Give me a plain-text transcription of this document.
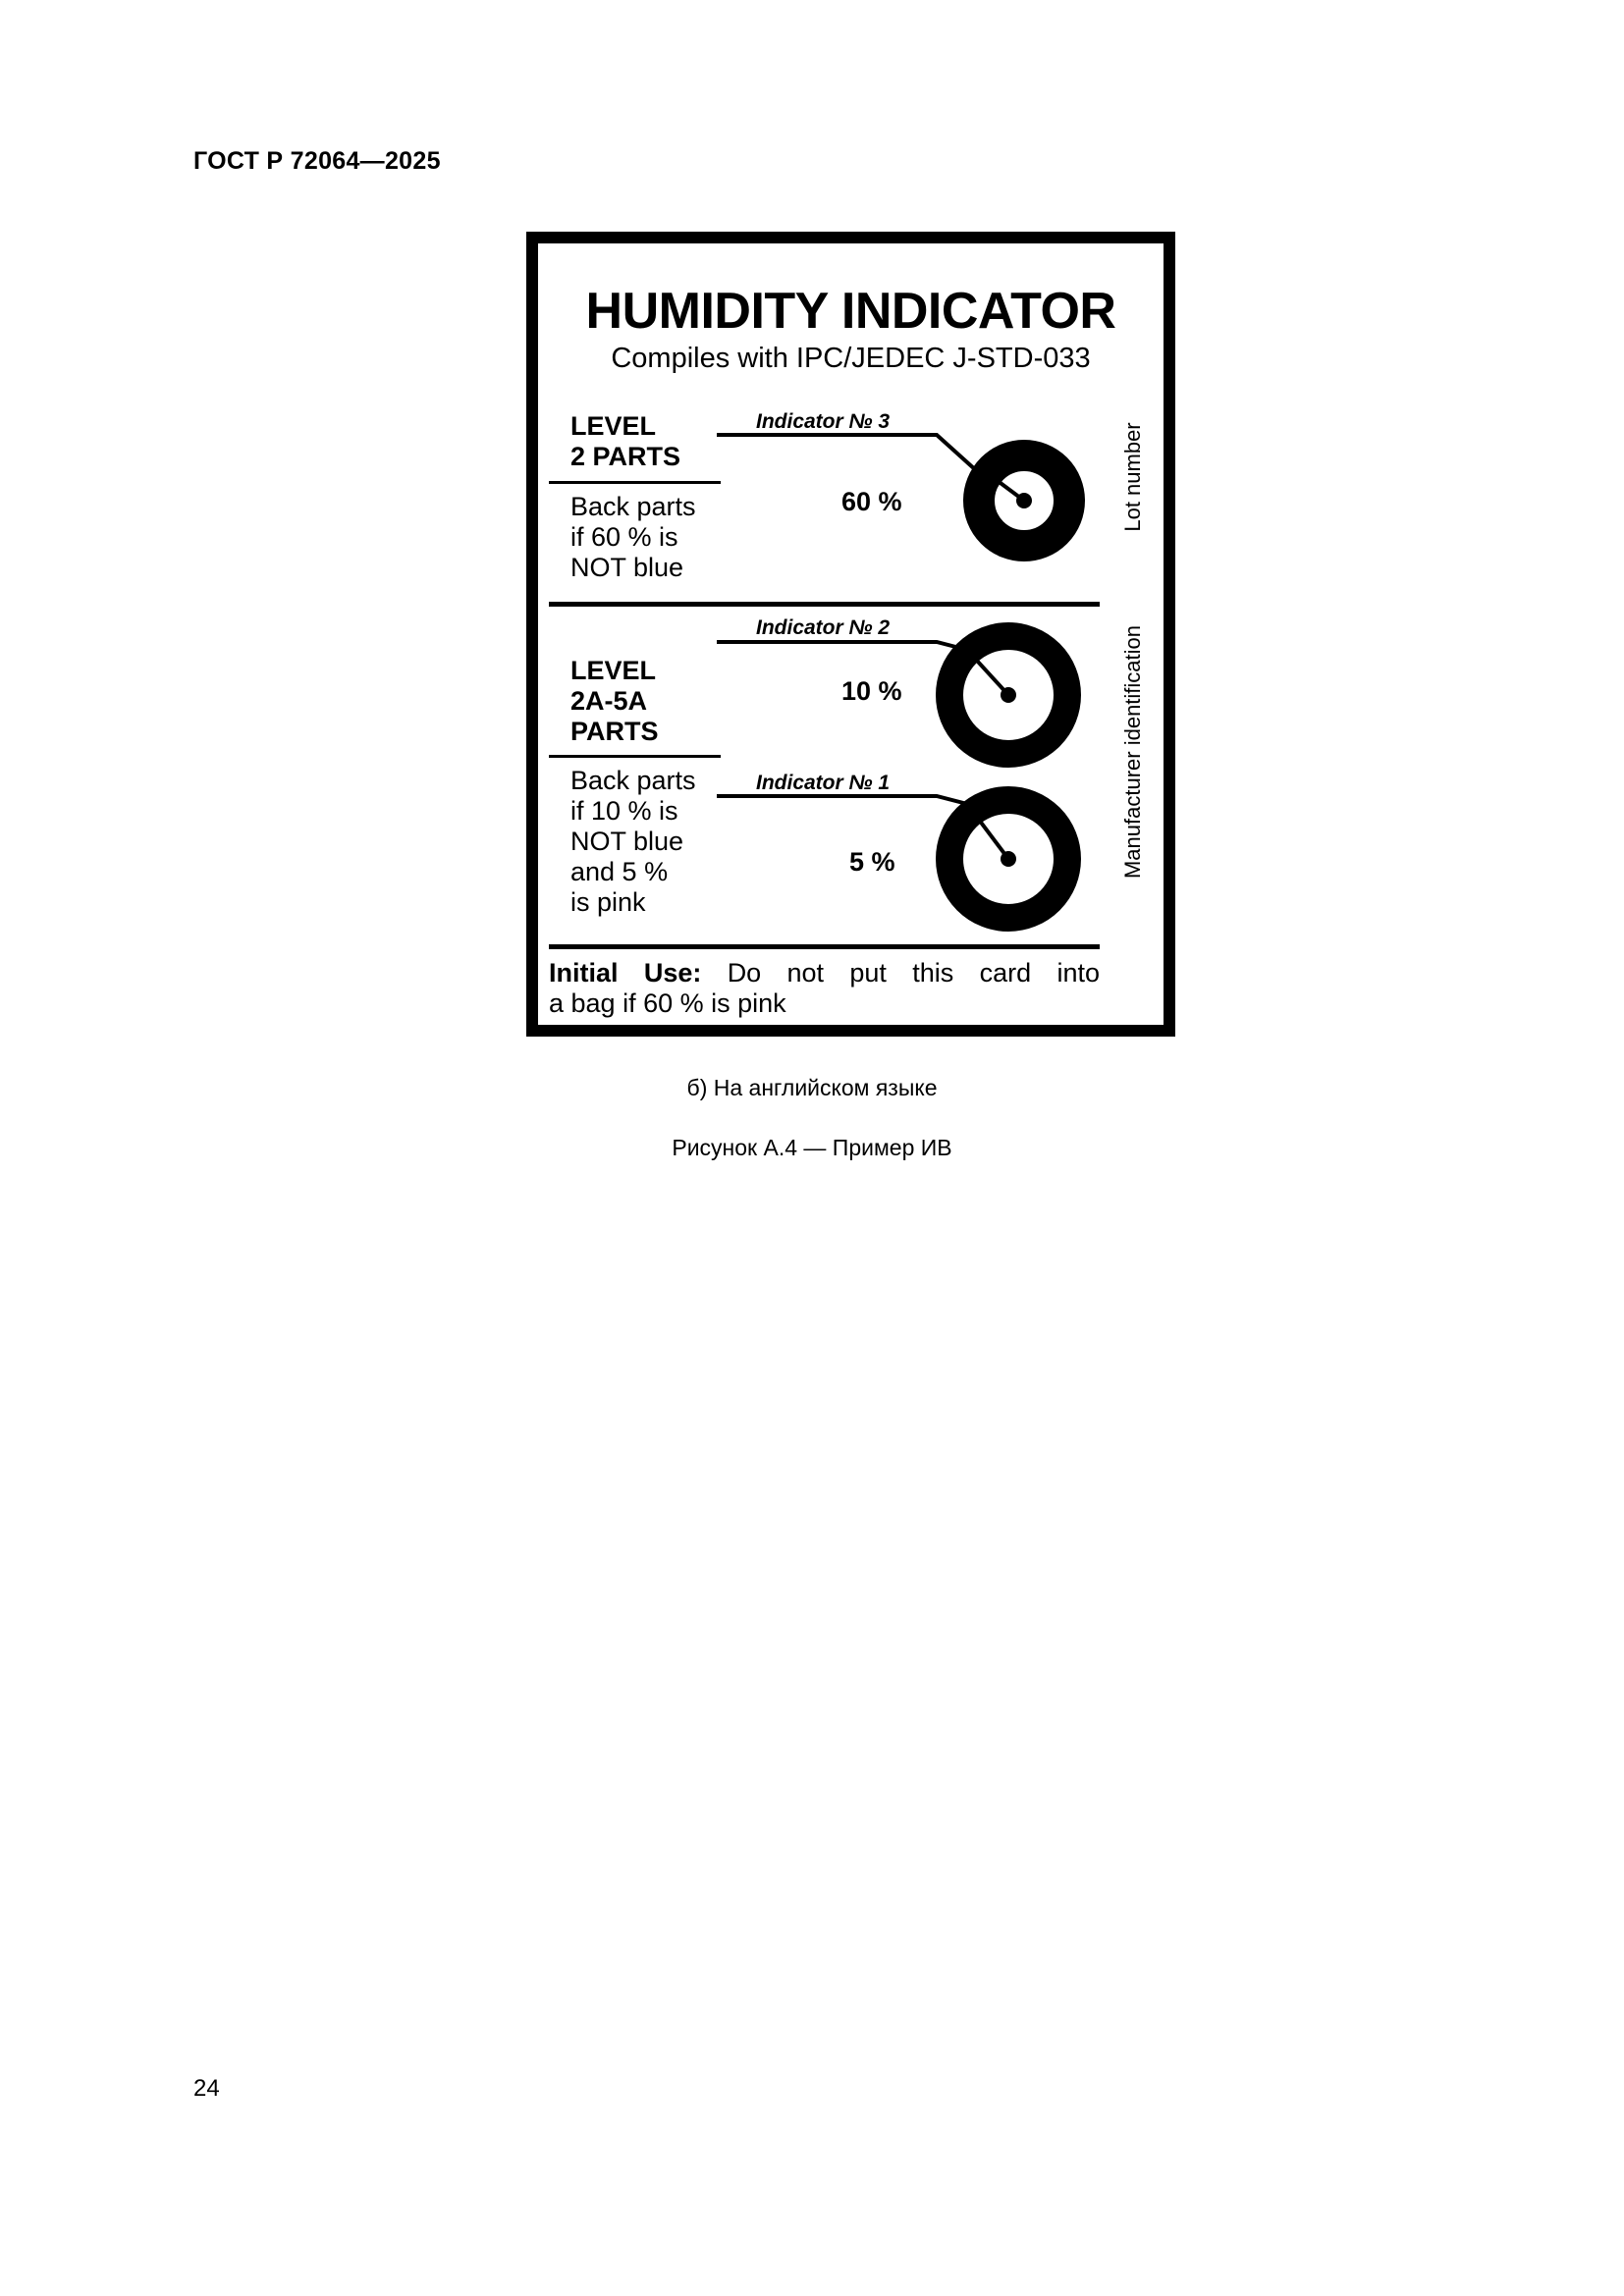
ГОСТ Р 72064—2025
HUMIDITY INDICATOR
Compiles with IPC/JEDEC J-STD-033
LEVEL
2 PARTS
Back parts
if 60 % is
NOT blue
LEVEL
2A-5A
PARTS
Back parts
if 10 % is
NOT blue
and 5 %
is pink
Indicator № 3
60 %
Indicator № 2
10 %
Indicator № 1
5 %
Lot number
Manufacturer identification
Initial Use: Do not put this card into
a bag if 60 % is pink
б) На английском языке
Рисунок А.4 — Пример ИВ
24
